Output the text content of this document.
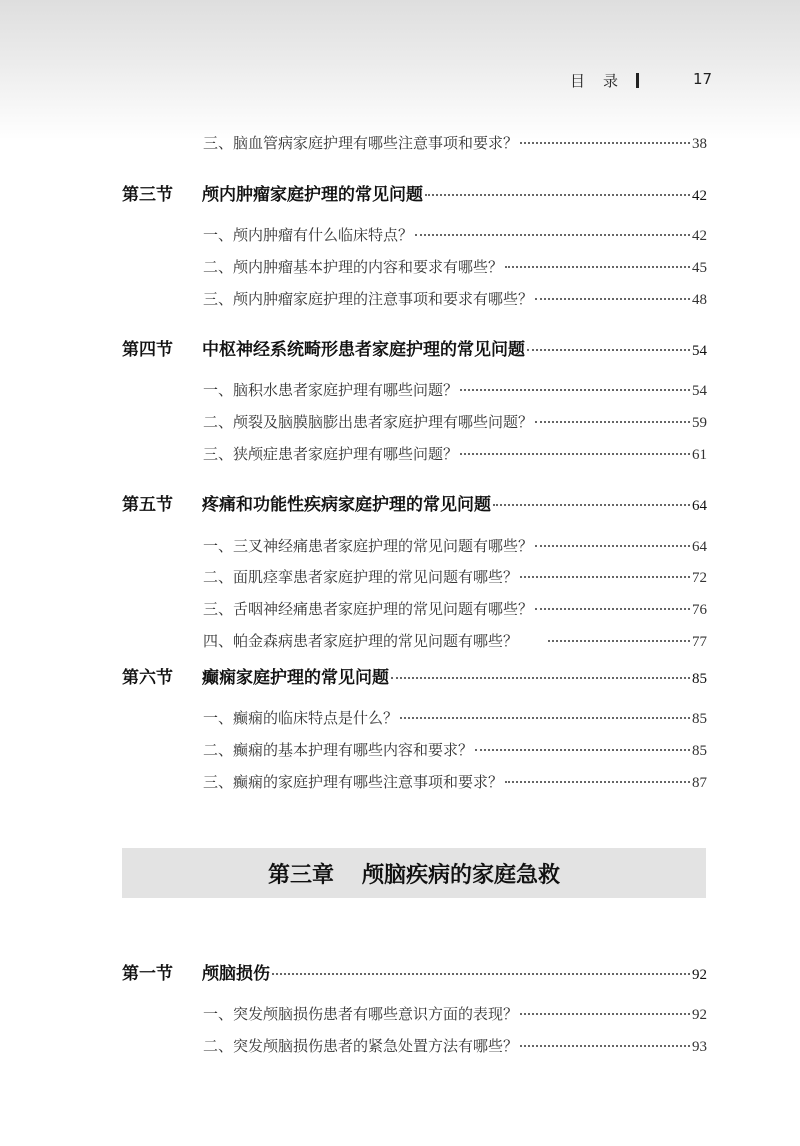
目录	17
三、脑血管病家庭护理有哪些注意事项和要求？	38
第三节	颅内肿瘤家庭护理的常见问题	42
一、颅内肿瘤有什么临床特点？	42
二、颅内肿瘤基本护理的内容和要求有哪些？	45
三、颅内肿瘤家庭护理的注意事项和要求有哪些？	48
第四节	中枢神经系统畸形患者家庭护理的常见问题	54
一、脑积水患者家庭护理有哪些问题？	54
二、颅裂及脑膜脑膨出患者家庭护理有哪些问题？	59
三、狭颅症患者家庭护理有哪些问题？	61
第五节	疼痛和功能性疾病家庭护理的常见问题	64
一、三叉神经痛患者家庭护理的常见问题有哪些？	64
二、面肌痉挛患者家庭护理的常见问题有哪些？	72
三、舌咽神经痛患者家庭护理的常见问题有哪些？	76
四、帕金森病患者家庭护理的常见问题有哪些？	77
第六节	癫痫家庭护理的常见问题	85
一、癫痫的临床特点是什么？	85
二、癫痫的基本护理有哪些内容和要求？	85
三、癫痫的家庭护理有哪些注意事项和要求？	87
第三章 颅脑疾病的家庭急救
第一节	颅脑损伤	92
一、突发颅脑损伤患者有哪些意识方面的表现？	92
二、突发颅脑损伤患者的紧急处置方法有哪些？	93
